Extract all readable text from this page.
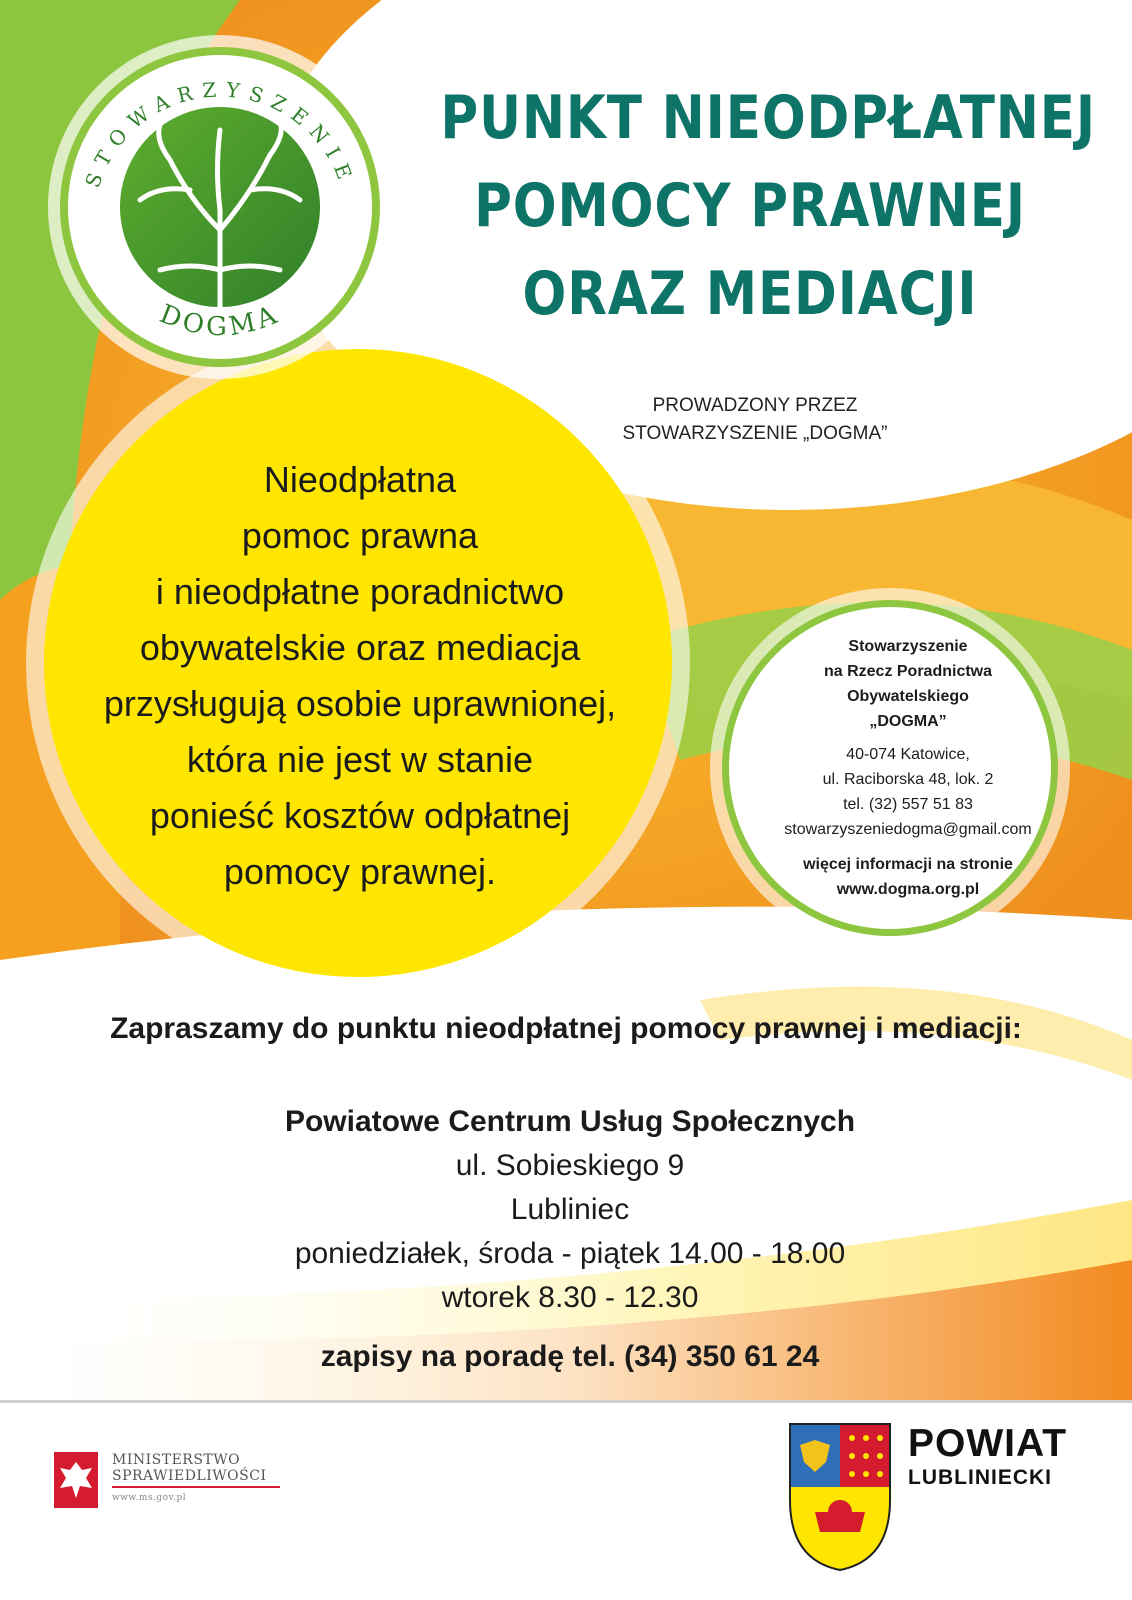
STOWARZYSZENIE
DOGMA
PUNKT NIEODPŁATNEJ
POMOCY PRAWNEJ
ORAZ MEDIACJI
PROWADZONY PRZEZ
STOWARZYSZENIE „DOGMA”
Nieodpłatna
pomoc prawna
i nieodpłatne poradnictwo
obywatelskie oraz mediacja
przysługują osobie uprawnionej,
która nie jest w stanie
ponieść kosztów odpłatnej
pomocy prawnej.
Stowarzyszenie
na Rzecz Poradnictwa
Obywatelskiego
„DOGMA”
40-074 Katowice,
ul. Raciborska 48, lok. 2
tel. (32) 557 51 83
stowarzyszeniedogma@gmail.com
więcej informacji na stronie
www.dogma.org.pl
Zapraszamy do punktu nieodpłatnej pomocy prawnej i mediacji:
Powiatowe Centrum Usług Społecznych
ul. Sobieskiego 9
Lubliniec
poniedziałek, środa - piątek 14.00 - 18.00
wtorek 8.30 - 12.30
zapisy na poradę tel. (34) 350 61 24
MINISTERSTWO
SPRAWIEDLIWOŚCI
www.ms.gov.pl
POWIAT
LUBLINIECKI
